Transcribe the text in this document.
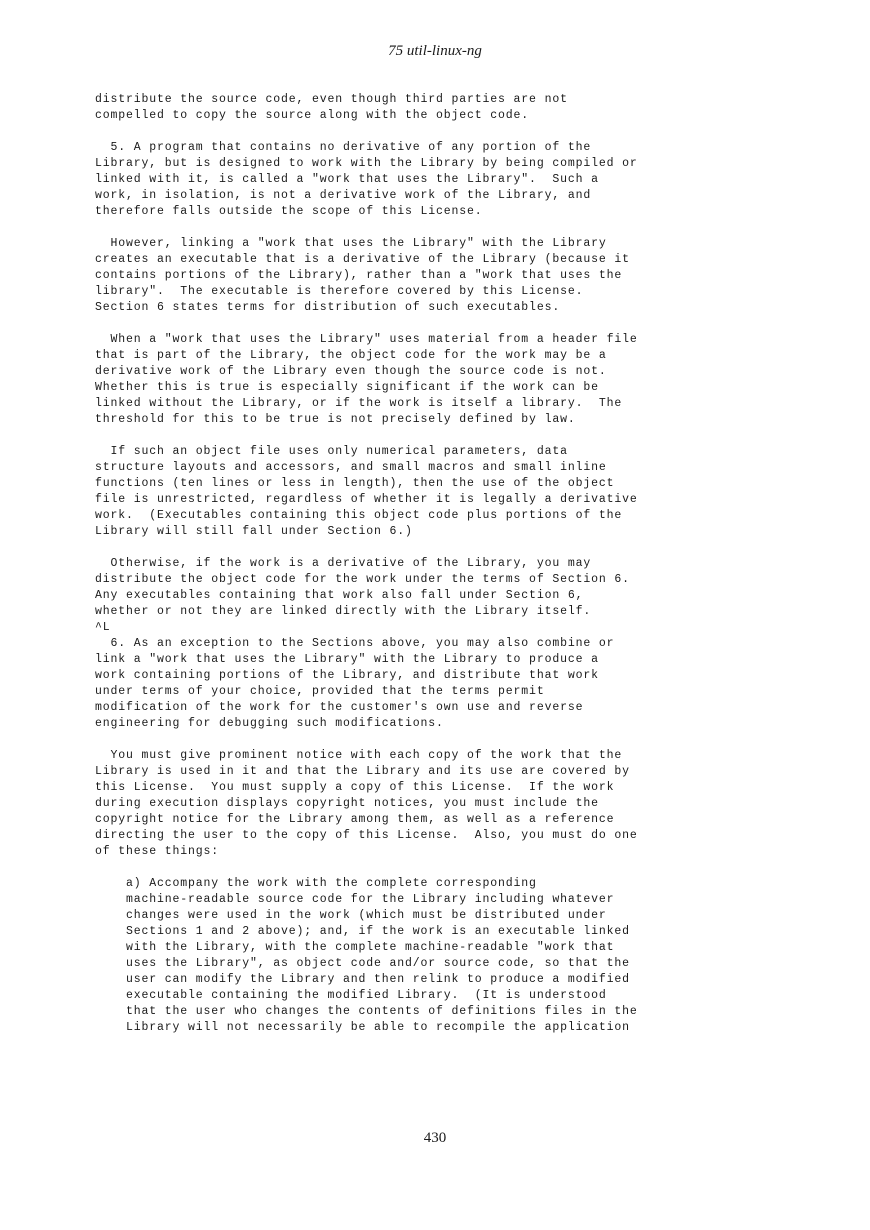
75 util-linux-ng
distribute the source code, even though third parties are not
compelled to copy the source along with the object code.
5. A program that contains no derivative of any portion of the
Library, but is designed to work with the Library by being compiled or
linked with it, is called a "work that uses the Library".  Such a
work, in isolation, is not a derivative work of the Library, and
therefore falls outside the scope of this License.
However, linking a "work that uses the Library" with the Library
creates an executable that is a derivative of the Library (because it
contains portions of the Library), rather than a "work that uses the
library".  The executable is therefore covered by this License.
Section 6 states terms for distribution of such executables.
When a "work that uses the Library" uses material from a header file
that is part of the Library, the object code for the work may be a
derivative work of the Library even though the source code is not.
Whether this is true is especially significant if the work can be
linked without the Library, or if the work is itself a library.  The
threshold for this to be true is not precisely defined by law.
If such an object file uses only numerical parameters, data
structure layouts and accessors, and small macros and small inline
functions (ten lines or less in length), then the use of the object
file is unrestricted, regardless of whether it is legally a derivative
work.  (Executables containing this object code plus portions of the
Library will still fall under Section 6.)
Otherwise, if the work is a derivative of the Library, you may
distribute the object code for the work under the terms of Section 6.
Any executables containing that work also fall under Section 6,
whether or not they are linked directly with the Library itself.
^L
6. As an exception to the Sections above, you may also combine or
link a "work that uses the Library" with the Library to produce a
work containing portions of the Library, and distribute that work
under terms of your choice, provided that the terms permit
modification of the work for the customer's own use and reverse
engineering for debugging such modifications.
You must give prominent notice with each copy of the work that the
Library is used in it and that the Library and its use are covered by
this License.  You must supply a copy of this License.  If the work
during execution displays copyright notices, you must include the
copyright notice for the Library among them, as well as a reference
directing the user to the copy of this License.  Also, you must do one
of these things:
a) Accompany the work with the complete corresponding
machine-readable source code for the Library including whatever
changes were used in the work (which must be distributed under
Sections 1 and 2 above); and, if the work is an executable linked
with the Library, with the complete machine-readable "work that
uses the Library", as object code and/or source code, so that the
user can modify the Library and then relink to produce a modified
executable containing the modified Library.  (It is understood
that the user who changes the contents of definitions files in the
Library will not necessarily be able to recompile the application
430
